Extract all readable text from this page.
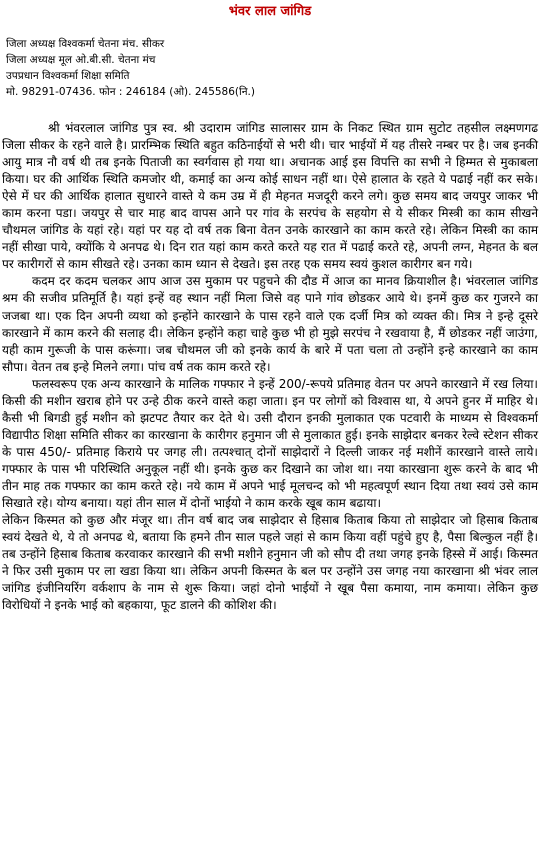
भंवर लाल जांगिड
जिला अध्यक्ष विश्वकर्मा चेतना मंच. सीकर
जिला अध्यक्ष मूल ओ.बी.सी. चेतना मंच
उपप्रधान विश्वकर्मा शिक्षा समिति
मो. 98291-07436. फोन : 246184 (ओ). 245586(नि.)

श्री भंवरलाल जांगिड पुत्र स्व. श्री उदाराम जांगिड सालासर ग्राम के निकट स्थित ग्राम सुटोट तहसील लक्ष्मणगढ जिला सीकर के रहने वाले है। प्रारम्भिक स्थिति बहुत कठिनाईयों से भरी थी। चार भाईयों में यह तीसरे नम्बर पर है। जब इनकी आयु मात्र नौ वर्ष थी तब इनके पिताजी का स्वर्गवास हो गया था। अचानक आई इस विपत्ति का सभी ने हिम्मत से मुकाबला किया। घर की आर्थिक स्थिति कमजोर थी, कमाई का अन्य कोई साधन नहीं था। ऐसे हालात के रहते ये पढाई नहीं कर सके। ऐसे में घर की आर्थिक हालात सुधारने वास्ते ये कम उम्र में ही मेहनत मजदूरी करने लगे। कुछ समय बाद जयपुर जाकर भी काम करना पडा। जयपुर से चार माह बाद वापस आने पर गांव के सरपंच के सहयोग से ये सीकर मिस्त्री का काम सीखने चौथमल जांगिड के यहां रहे। यहां पर यह दो वर्ष तक बिना वेतन उनके कारखाने का काम करते रहे। लेकिन मिस्त्री का काम नहीं सीखा पाये, क्योंकि ये अनपढ थे। दिन रात यहां काम करते करते यह रात में पढाई करते रहे, अपनी लग्न, मेहनत के बल पर कारीगरों से काम सीखते रहे। उनका काम ध्यान से देखते। इस तरह एक समय स्वयं कुशल कारीगर बन गये।

कदम दर कदम चलकर आप आज उस मुकाम पर पहुचने की दौड में आज का मानव क्रियाशील है। भंवरलाल जांगिड श्रम की सजीव प्रतिमूर्ति है। यहां इन्हें वह स्थान नहीं मिला जिसे वह पाने गांव छोडकर आये थे। इनमें कुछ कर गुजरने का जजबा था। एक दिन अपनी व्यथा को इन्होंने कारखाने के पास रहने वाले एक दर्जी मित्र को व्यक्त की। मित्र ने इन्हे दूसरे कारखाने में काम करने की सलाह दी। लेकिन इन्होंने कहा चाहे कुछ भी हो मुझे सरपंच ने रखवाया है, मैं छोडकर नहीं जाउंगा, यही काम गुरूजी के पास करूंगा। जब चौथमल जी को इनके कार्य के बारे में पता चला तो उन्होंने इन्हे कारखाने का काम सौपा। वेतन तब इन्हे मिलने लगा। पांच वर्ष तक काम करते रहे।

फलस्वरूप एक अन्य कारखाने के मालिक गफ्फार ने इन्हें 200/-रूपये प्रतिमाह वेतन पर अपने कारखाने में रख लिया। किसी की मशीन खराब होने पर उन्हे ठीक करने वास्ते कहा जाता। इन पर लोगों को विश्वास था, ये अपने हुनर में माहिर थे। कैसी भी बिगडी हुई मशीन को झटपट तैयार कर देते थे। उसी दौरान इनकी मुलाकात एक पटवारी के माध्यम से विश्वकर्मा विद्यापीठ शिक्षा समिति सीकर का कारखाना के कारीगर हनुमान जी से मुलाकात हुई। इनके साझेदार बनकर रेल्वे स्टेशन सीकर के पास 450/- प्रतिमाह किराये पर जगह ली। तत्पश्चात् दोनों साझेदारों ने दिल्ली जाकर नई मशीनें कारखाने वास्ते लाये। गफ्फार के पास भी परिस्थिति अनुकूल नहीं थी। इनके कुछ कर दिखाने का जोश था। नया कारखाना शुरू करने के बाद भी तीन माह तक गफ्फार का काम करते रहे। नये काम में अपने भाई मूलचन्द को भी महत्वपूर्ण स्थान दिया तथा स्वयं उसे काम सिखाते रहे। योग्य बनाया। यहां तीन साल में दोनों भाईयो ने काम करके खूब काम बढाया।

लेकिन किस्मत को कुछ और मंजूर था। तीन वर्ष बाद जब साझेदार से हिसाब किताब किया तो साझेदार जो हिसाब किताब स्वयं देखते थे, ये तो अनपढ थे, बताया कि हमने तीन साल पहले जहां से काम किया वहीं पहुंचे हुए है, पैसा बिल्कुल नहीं है। तब उन्होंने हिसाब किताब करवाकर कारखाने की सभी मशीने हनुमान जी को सौप दी तथा जगह इनके हिस्से में आई। किस्मत ने फिर उसी मुकाम पर ला खडा किया था। लेकिन अपनी किस्मत के बल पर उन्होंने उस जगह नया कारखाना श्री भंवर लाल जांगिड इंजीनियरिंग वर्कशाप के नाम से शुरू किया। जहां दोनो भाईयों ने खूब पैसा कमाया, नाम कमाया। लेकिन कुछ विरोधियों ने इनके भाई को बहकाया, फूट डालने की कोशिश की।
